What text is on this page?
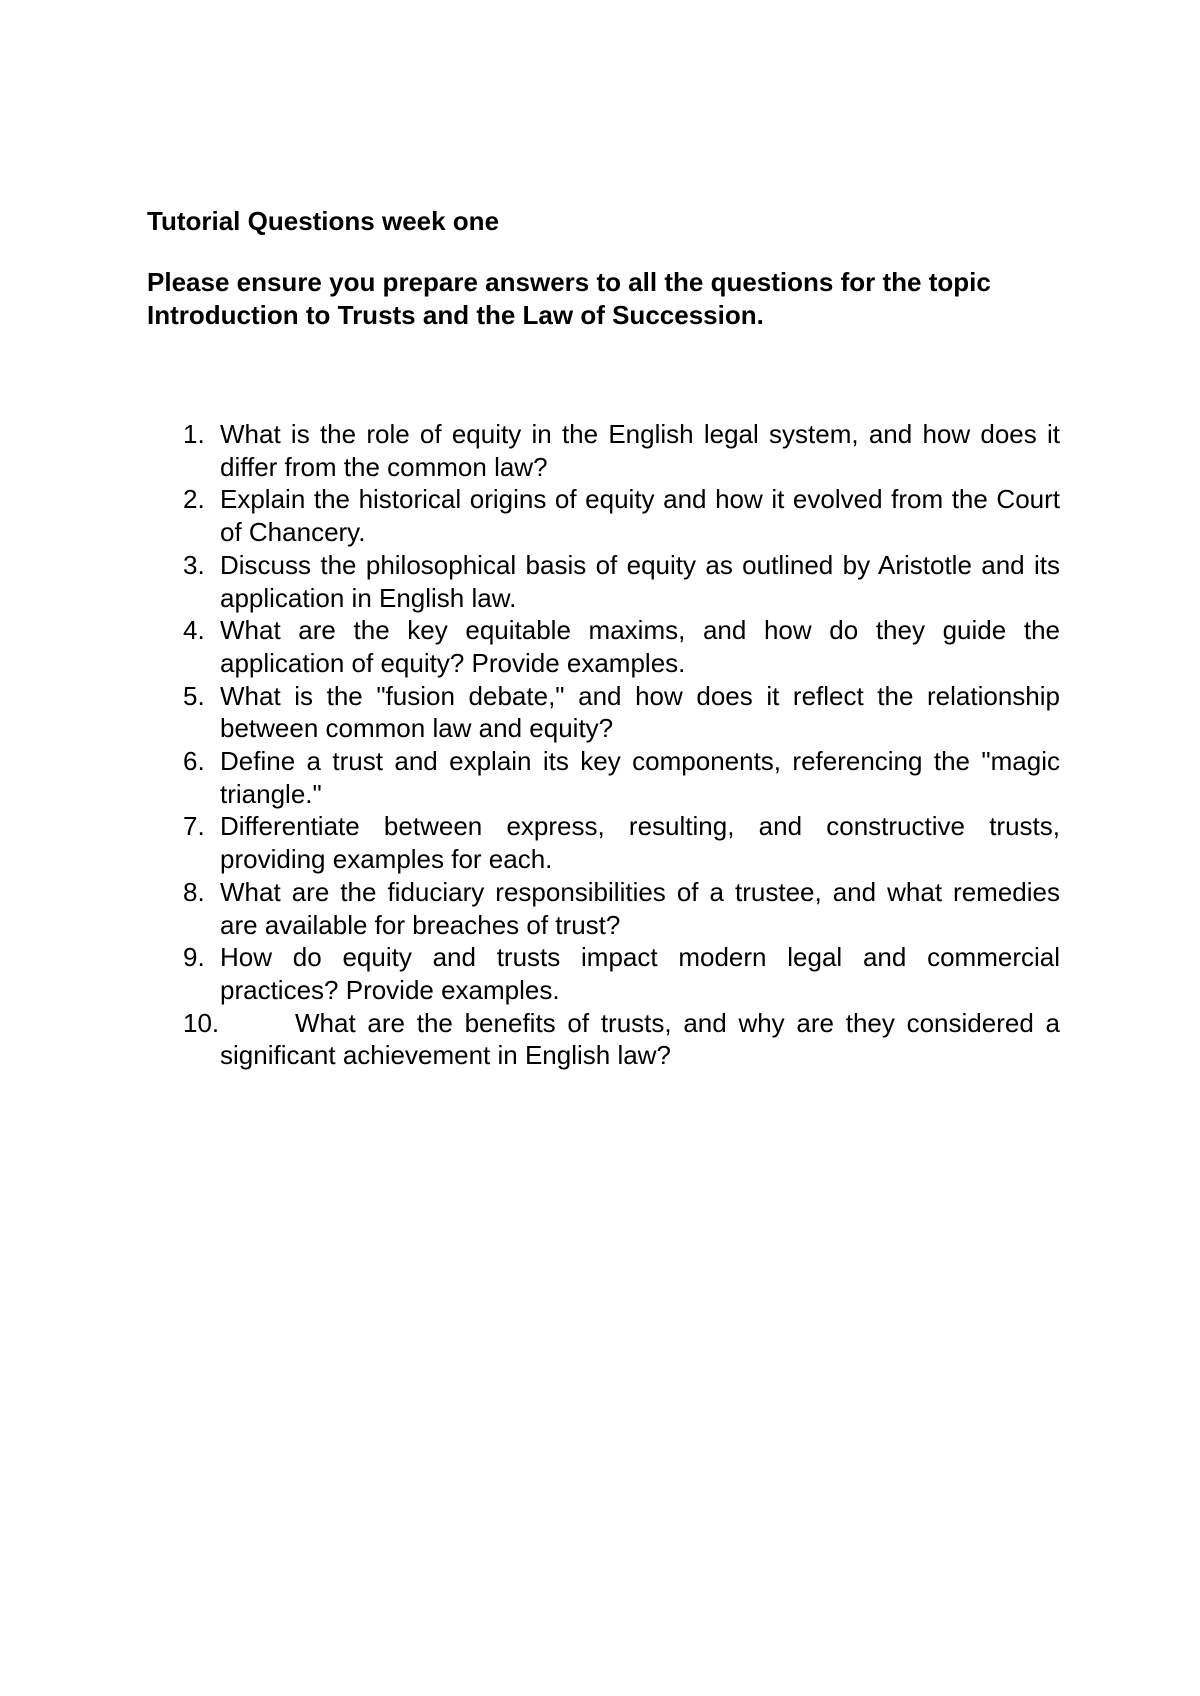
Tutorial Questions week one

Please ensure you prepare answers to all the questions for the topic Introduction to Trusts and the Law of Succession.

1. What is the role of equity in the English legal system, and how does it differ from the common law?
2. Explain the historical origins of equity and how it evolved from the Court of Chancery.
3. Discuss the philosophical basis of equity as outlined by Aristotle and its application in English law.
4. What are the key equitable maxims, and how do they guide the application of equity? Provide examples.
5. What is the "fusion debate," and how does it reflect the relationship between common law and equity?
6. Define a trust and explain its key components, referencing the "magic triangle."
7. Differentiate between express, resulting, and constructive trusts, providing examples for each.
8. What are the fiduciary responsibilities of a trustee, and what remedies are available for breaches of trust?
9. How do equity and trusts impact modern legal and commercial practices? Provide examples.
10.	What are the benefits of trusts, and why are they considered a significant achievement in English law?
